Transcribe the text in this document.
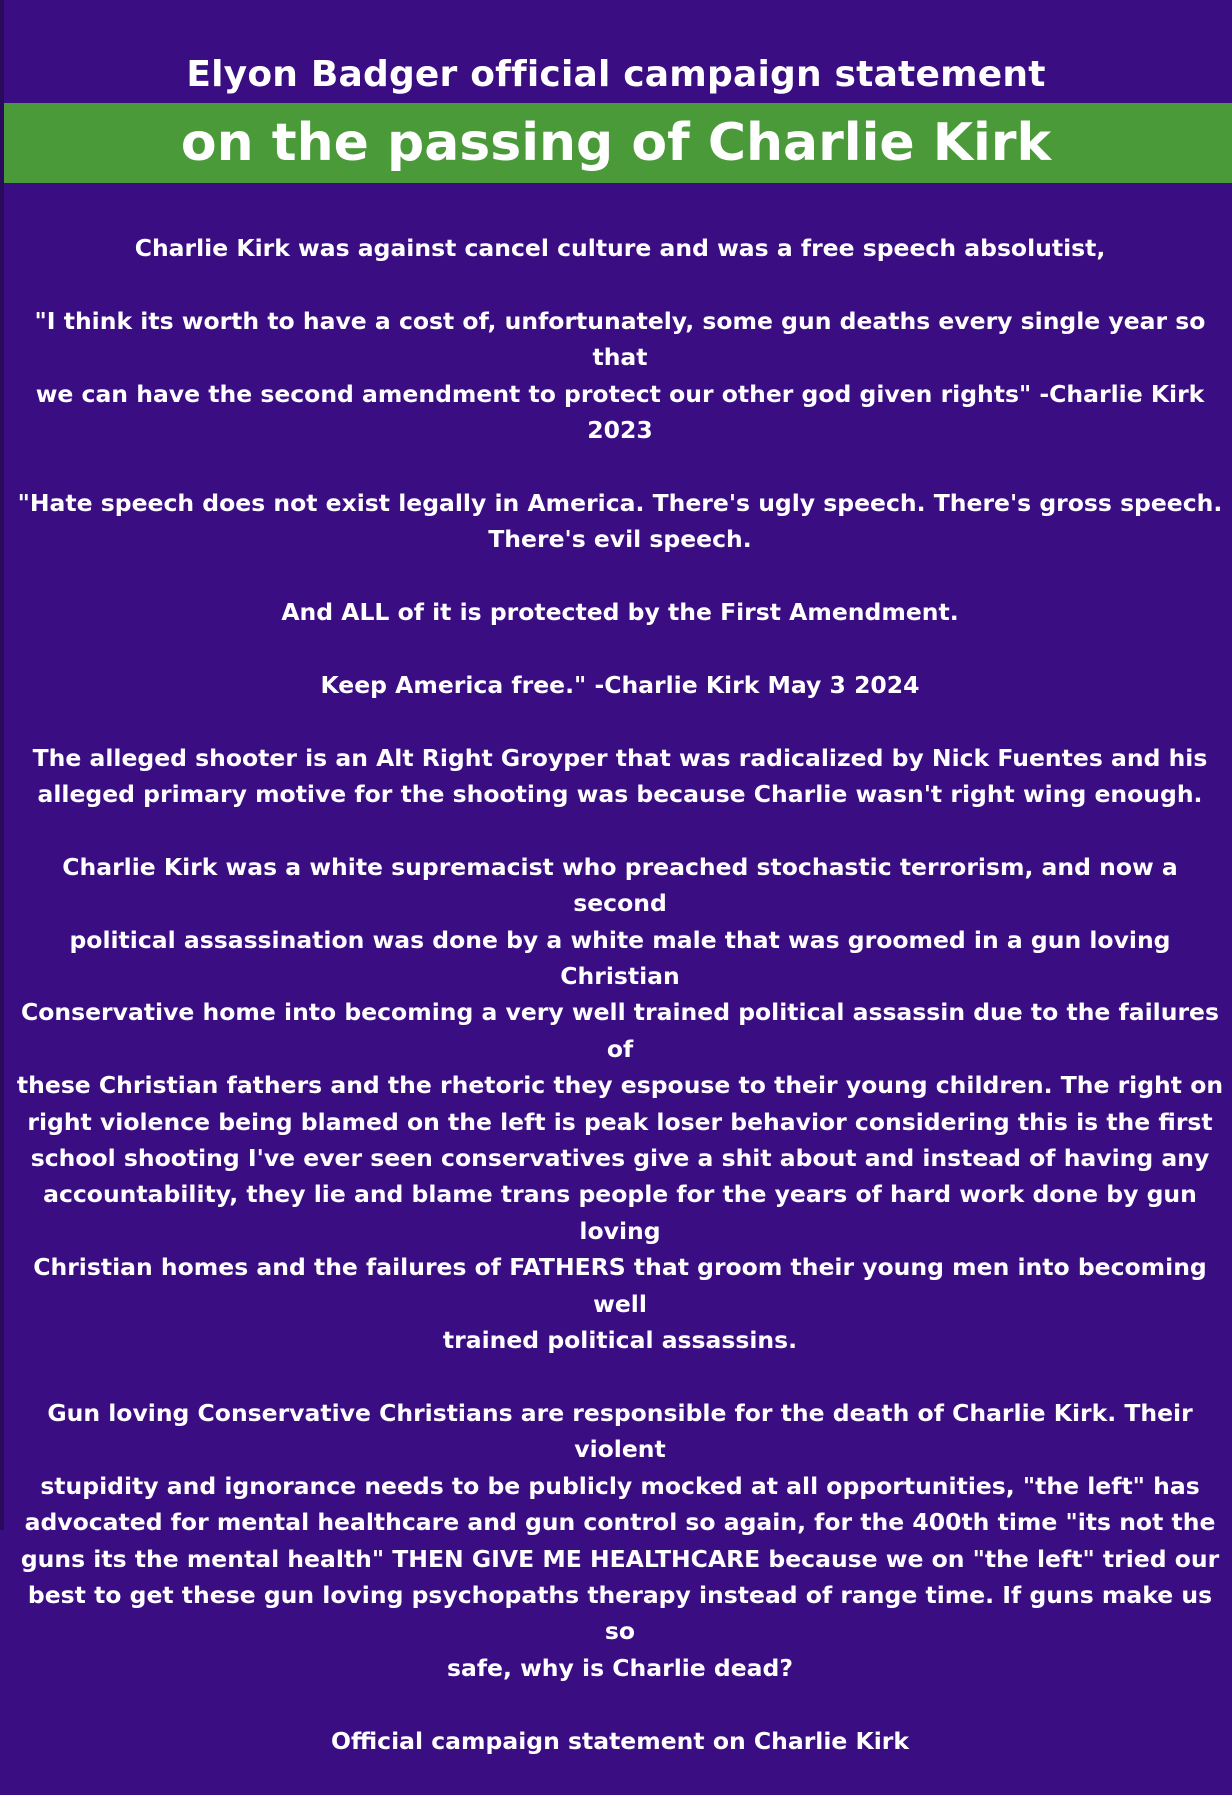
Elyon Badger official campaign statement
on the passing of Charlie Kirk

Charlie Kirk was against cancel culture and was a free speech absolutist,

"I think its worth to have a cost of, unfortunately, some gun deaths every single year so that
we can have the second amendment to protect our other god given rights" -Charlie Kirk 2023

"Hate speech does not exist legally in America. There's ugly speech. There's gross speech.
There's evil speech.

And ALL of it is protected by the First Amendment.

Keep America free." -Charlie Kirk May 3 2024

The alleged shooter is an Alt Right Groyper that was radicalized by Nick Fuentes and his
alleged primary motive for the shooting was because Charlie wasn't right wing enough.

Charlie Kirk was a white supremacist who preached stochastic terrorism, and now a second
political assassination was done by a white male that was groomed in a gun loving Christian
Conservative home into becoming a very well trained political assassin due to the failures of
these Christian fathers and the rhetoric they espouse to their young children. The right on
right violence being blamed on the left is peak loser behavior considering this is the first
school shooting I've ever seen conservatives give a shit about and instead of having any
accountability, they lie and blame trans people for the years of hard work done by gun loving
Christian homes and the failures of FATHERS that groom their young men into becoming well
trained political assassins.

Gun loving Conservative Christians are responsible for the death of Charlie Kirk. Their violent
stupidity and ignorance needs to be publicly mocked at all opportunities, "the left" has
advocated for mental healthcare and gun control so again, for the 400th time "its not the
guns its the mental health" THEN GIVE ME HEALTHCARE because we on "the left" tried our
best to get these gun loving psychopaths therapy instead of range time. If guns make us so
safe, why is Charlie dead?

Official campaign statement on Charlie Kirk
